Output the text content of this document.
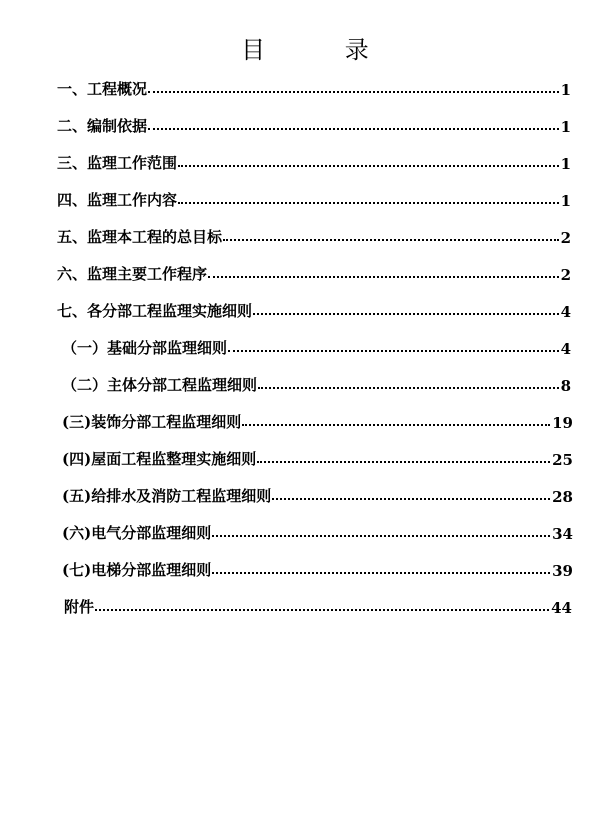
目 录
一、工程概况	1
二、编制依据	1
三、监理工作范围	1
四、监理工作内容	1
五、监理本工程的总目标	2
六、监理主要工作程序	2
七、各分部工程监理实施细则	4
（一）基础分部监理细则	4
（二）主体分部工程监理细则	8
(三)装饰分部工程监理细则	19
(四)屋面工程监整理实施细则	25
(五)给排水及消防工程监理细则	28
(六)电气分部监理细则	34
(七)电梯分部监理细则	39
附件	44
